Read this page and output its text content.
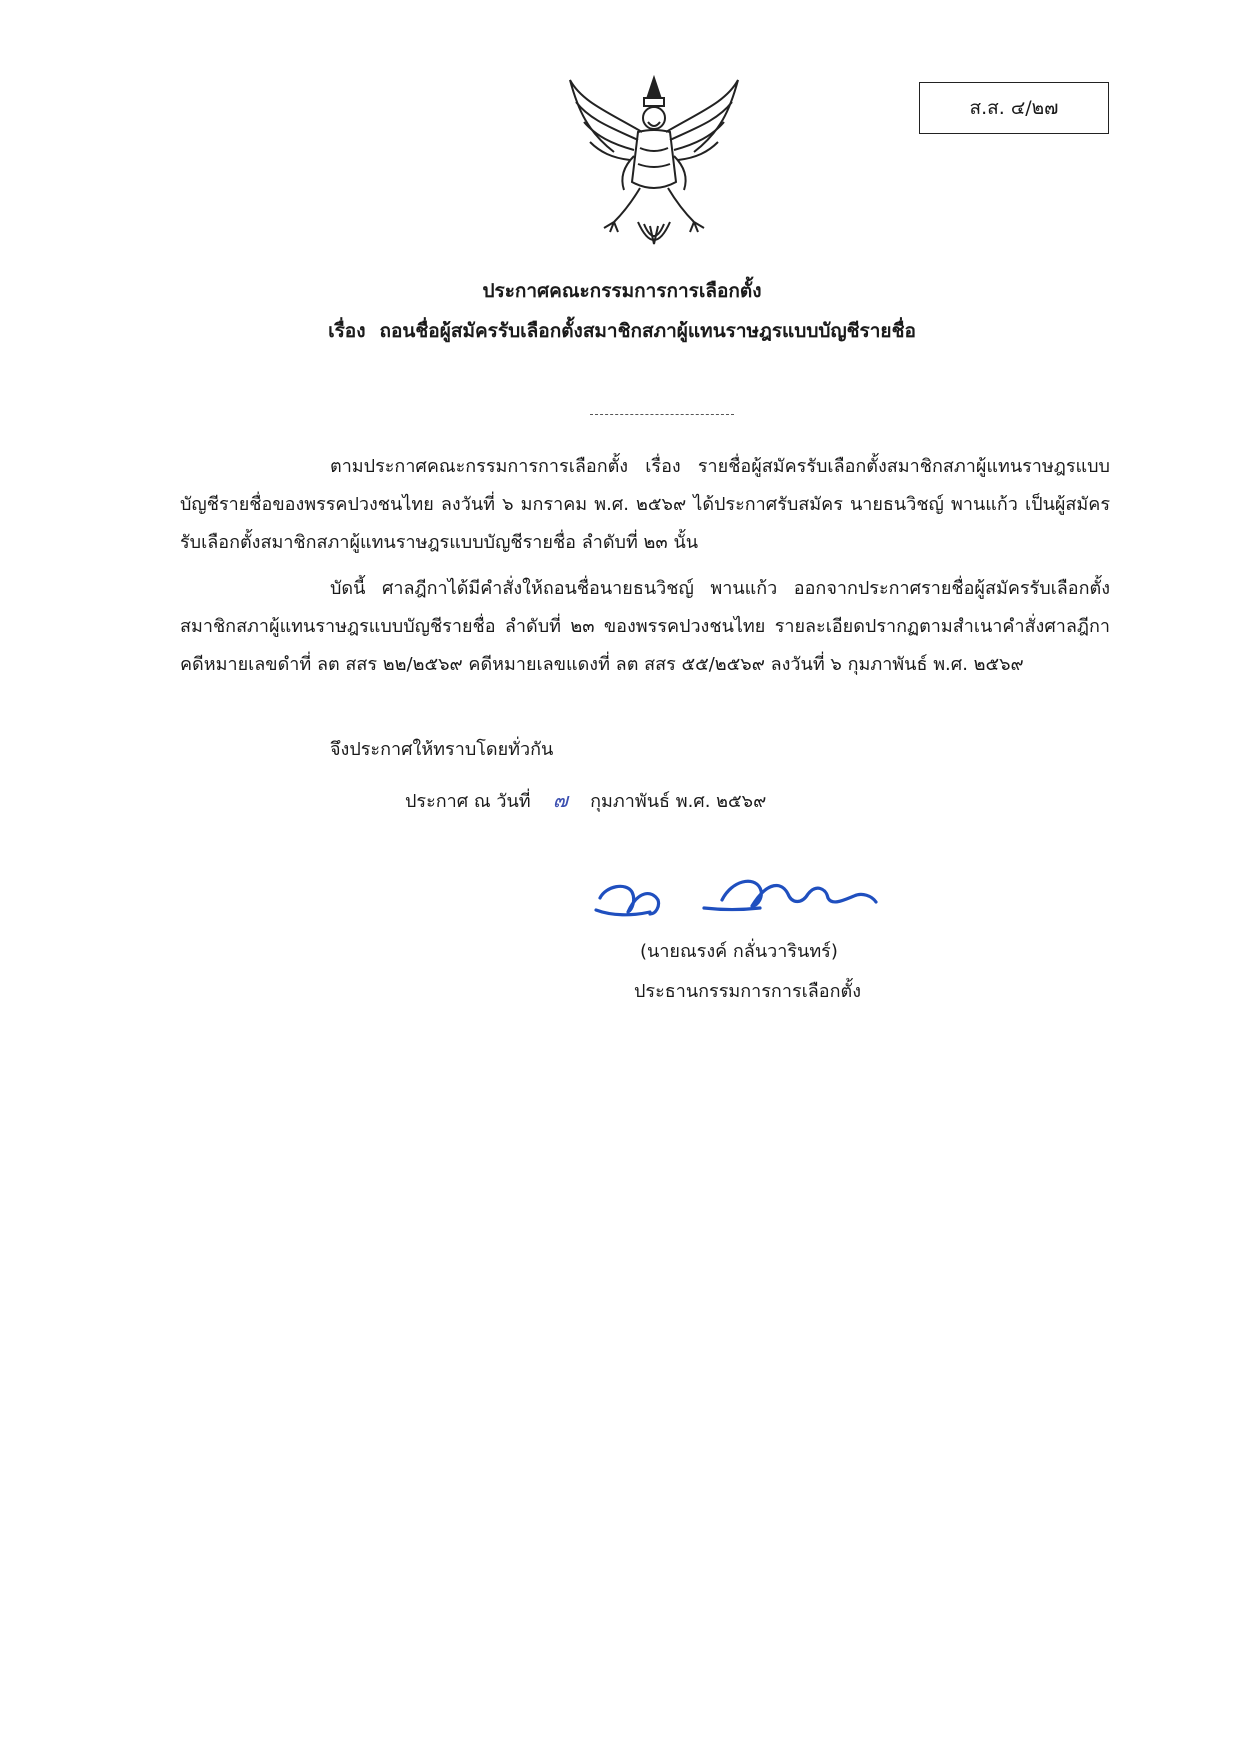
ส.ส. ๔/๒๗
ประกาศคณะกรรมการการเลือกตั้ง
เรื่อง ถอนชื่อผู้สมัครรับเลือกตั้งสมาชิกสภาผู้แทนราษฎรแบบบัญชีรายชื่อ
ตามประกาศคณะกรรมการการเลือกตั้ง เรื่อง รายชื่อผู้สมัครรับเลือกตั้งสมาชิกสภาผู้แทนราษฎรแบบบัญชีรายชื่อของพรรคปวงชนไทย ลงวันที่ ๖ มกราคม พ.ศ. ๒๕๖๙ ได้ประกาศรับสมัคร นายธนวิชญ์ พานแก้ว เป็นผู้สมัครรับเลือกตั้งสมาชิกสภาผู้แทนราษฎรแบบบัญชีรายชื่อ ลำดับที่ ๒๓ นั้น
บัดนี้ ศาลฎีกาได้มีคำสั่งให้ถอนชื่อนายธนวิชญ์ พานแก้ว ออกจากประกาศรายชื่อผู้สมัครรับเลือกตั้งสมาชิกสภาผู้แทนราษฎรแบบบัญชีรายชื่อ ลำดับที่ ๒๓ ของพรรคปวงชนไทย รายละเอียดปรากฏตามสำเนาคำสั่งศาลฎีกา คดีหมายเลขดำที่ ลต สสร ๒๒/๒๕๖๙ คดีหมายเลขแดงที่ ลต สสร ๕๕/๒๕๖๙ ลงวันที่ ๖ กุมภาพันธ์ พ.ศ. ๒๕๖๙
จึงประกาศให้ทราบโดยทั่วกัน
ประกาศ ณ วันที่ ๗ กุมภาพันธ์ พ.ศ. ๒๕๖๙
(นายณรงค์ กลั่นวารินทร์)
ประธานกรรมการการเลือกตั้ง
